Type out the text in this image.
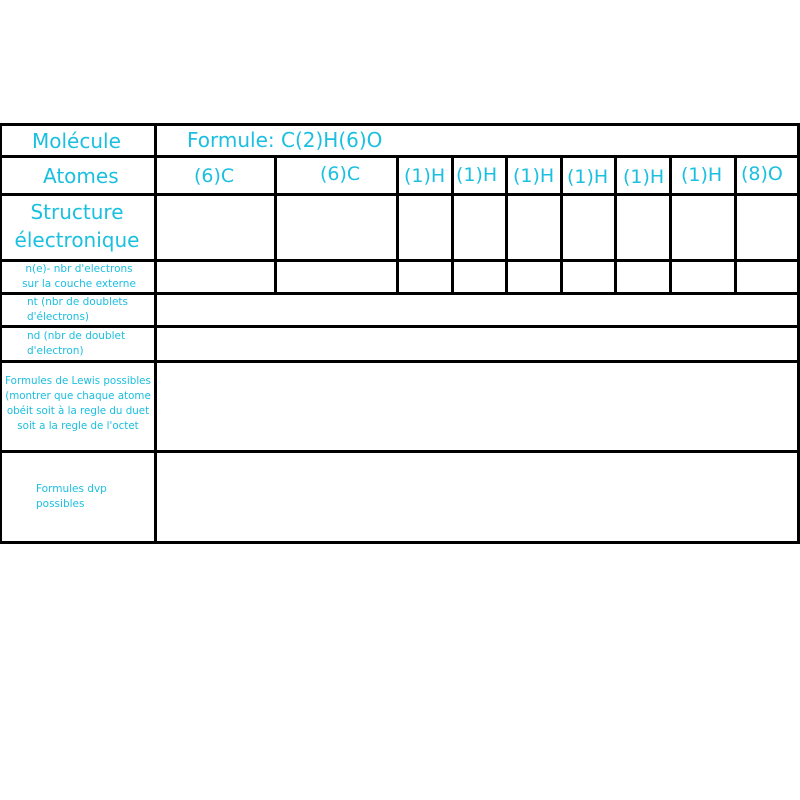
Molécule
Atomes
Structure
électronique
n(e)- nbr d'electrons
sur la couche externe
nt (nbr de doublets
d'électrons)
nd (nbr de doublet
d'electron)
Formules de Lewis possibles
(montrer que chaque atome
obéit soit à la regle du duet
soit a la regle de l'octet
Formules dvp
possibles
Formule: C(2)H(6)O
(6)C	(6)C (1)H (1)H (1)H (1)H (1)H (1)H (8)O
